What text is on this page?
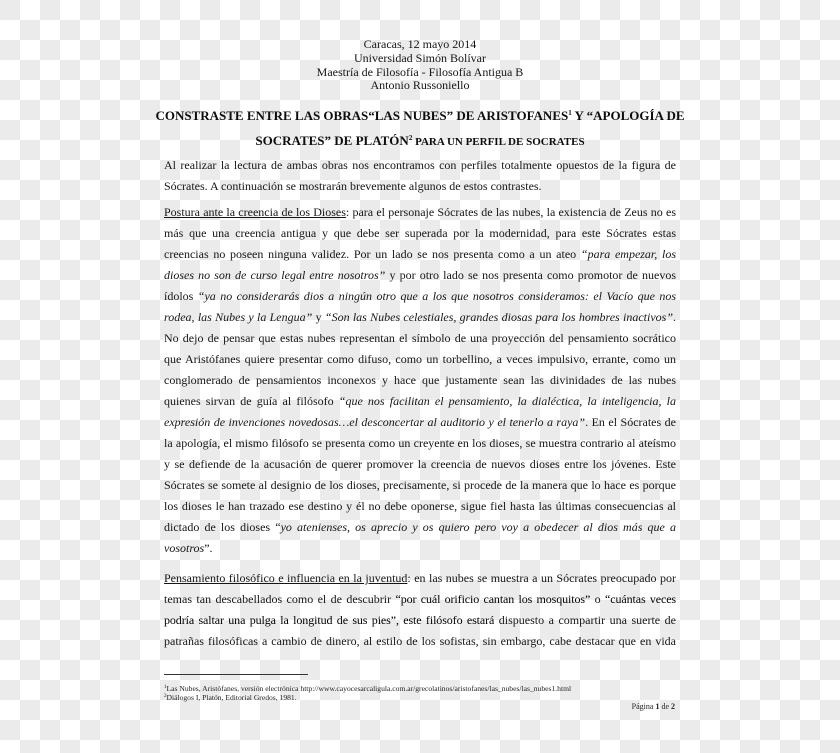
Caracas, 12 mayo 2014
Universidad Simón Bolívar
Maestría de Filosofía - Filosofía Antigua B
Antonio Russoniello
CONSTRASTE ENTRE LAS OBRAS“LAS NUBES” DE ARISTOFANES$^1$ Y “APOLOGÍA DE
SOCRATES” DE PLATÓN$^2$ PARA UN PERFIL DE SOCRATES
Al realizar la lectura de ambas obras nos encontramos con perfiles totalmente opuestos de la figura de
Sócrates. A continuación se mostrarán brevemente algunos de estos contrastes.
Postura ante la creencia de los Dioses: para el personaje Sócrates de las nubes, la existencia de Zeus no es
más que una creencia antigua y que debe ser superada por la modernidad, para este Sócrates estas
creencias no poseen ninguna validez. Por un lado se nos presenta como a un ateo “para empezar, los
dioses no son de curso legal entre nosotros” y por otro lado se nos presenta como promotor de nuevos
ídolos “ya no considerarás dios a ningún otro que a los que nosotros consideramos: el Vacío que nos
rodea, las Nubes y la Lengua” y “Son las Nubes celestiales, grandes diosas para los hombres inactivos”.
No dejo de pensar que estas nubes representan el símbolo de una proyección del pensamiento socrático
que Aristófanes quiere presentar como difuso, como un torbellino, a veces impulsivo, errante, como un
conglomerado de pensamientos inconexos y hace que justamente sean las divinidades de las nubes
quienes sirvan de guía al filósofo “que nos facilitan el pensamiento, la dialéctica, la inteligencia, la
expresión de invenciones novedosas…el desconcertar al auditorio y el tenerlo a raya”. En el Sócrates de
la apología, el mismo filósofo se presenta como un creyente en los dioses, se muestra contrario al ateísmo
y se defiende de la acusación de querer promover la creencia de nuevos dioses entre los jóvenes. Este
Sócrates se somete al designio de los dioses, precisamente, si procede de la manera que lo hace es porque
los dioses le han trazado ese destino y él no debe oponerse, sigue fiel hasta las últimas consecuencias al
dictado de los dioses “yo atenienses, os aprecio y os quiero pero voy a obedecer al dios más que a
vosotros”.
Pensamiento filosófico e influencia en la juventud: en las nubes se muestra a un Sócrates preocupado por
temas tan descabellados como el de descubrir “por cuál orificio cantan los mosquitos” o “cuántas veces
podría saltar una pulga la longitud de sus pies”, este filósofo estará dispuesto a compartir una suerte de
patrañas filosóficas a cambio de dinero, al estilo de los sofistas, sin embargo, cabe destacar que en vida
$^1$Las Nubes, Aristófanes, versión electrónica http://www.cayocesarcaligula.com.ar/grecolatinos/aristofanes/las_nubes/las_nubes1.html
$^2$Diálogos I, Platón, Editorial Gredos, 1981.
Página 1 de 2
